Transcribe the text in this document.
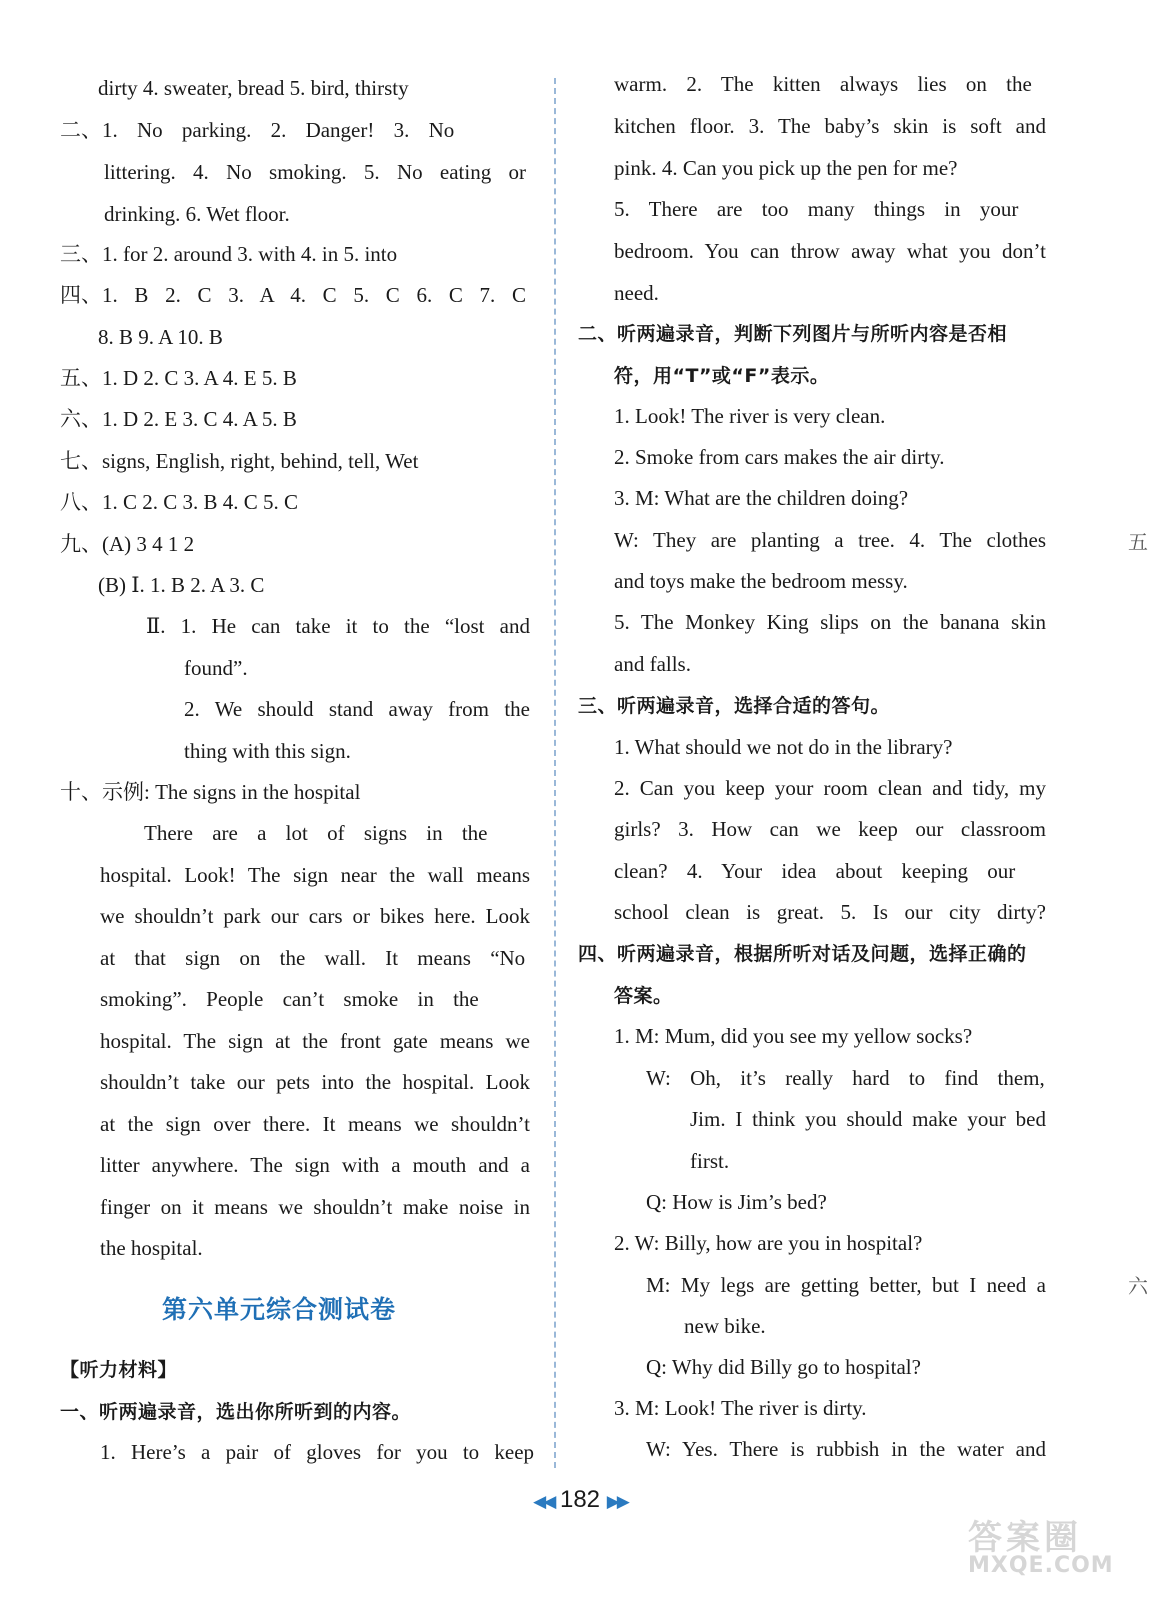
dirty 4. sweater, bread 5. bird, thirsty
二、1. No parking. 2. Danger! 3. No
littering. 4. No smoking. 5. No eating or
drinking. 6. Wet floor.
三、1. for 2. around 3. with 4. in 5. into
四、1. B 2. C 3. A 4. C 5. C 6. C 7. C
8. B 9. A 10. B
五、1. D 2. C 3. A 4. E 5. B
六、1. D 2. E 3. C 4. A 5. B
七、signs, English, right, behind, tell, Wet
八、1. C 2. C 3. B 4. C 5. C
九、(A) 3 4 1 2
(B) Ⅰ. 1. B 2. A 3. C
Ⅱ. 1. He can take it to the “lost and
found”.
2. We should stand away from the
thing with this sign.
十、示例: The signs in the hospital
There are a lot of signs in the
hospital. Look! The sign near the wall means
we shouldn’t park our cars or bikes here. Look
at that sign on the wall. It means “No
smoking”. People can’t smoke in the
hospital. The sign at the front gate means we
shouldn’t take our pets into the hospital. Look
at the sign over there. It means we shouldn’t
litter anywhere. The sign with a mouth and a
finger on it means we shouldn’t make noise in
the hospital.
warm. 2. The kitten always lies on the
kitchen floor. 3. The baby’s skin is soft and
pink. 4. Can you pick up the pen for me?
5. There are too many things in your
bedroom. You can throw away what you don’t
need.
二、听两遍录音，判断下列图片与所听内容是否相
符，用“T”或“F”表示。
1. Look! The river is very clean.
2. Smoke from cars makes the air dirty.
3. M: What are the children doing?
W: They are planting a tree. 4. The clothes
and toys make the bedroom messy.
5. The Monkey King slips on the banana skin
and falls.
三、听两遍录音，选择合适的答句。
1. What should we not do in the library?
2. Can you keep your room clean and tidy, my
girls? 3. How can we keep our classroom
clean? 4. Your idea about keeping our
school clean is great. 5. Is our city dirty?
四、听两遍录音，根据所听对话及问题，选择正确的
答案。
1. M: Mum, did you see my yellow socks?
W: Oh, it’s really hard to find them,
Jim. I think you should make your bed
first.
Q: How is Jim’s bed?
2. W: Billy, how are you in hospital?
M: My legs are getting better, but I need a
new bike.
Q: Why did Billy go to hospital?
3. M: Look! The river is dirty.
W: Yes. There is rubbish in the water and
第六单元综合测试卷
【听力材料】
一、听两遍录音，选出你所听到的内容。
1. Here’s a pair of gloves for you to keep
◀◀ 182 ▶▶
五
六
答案圈
MXQE.COM
